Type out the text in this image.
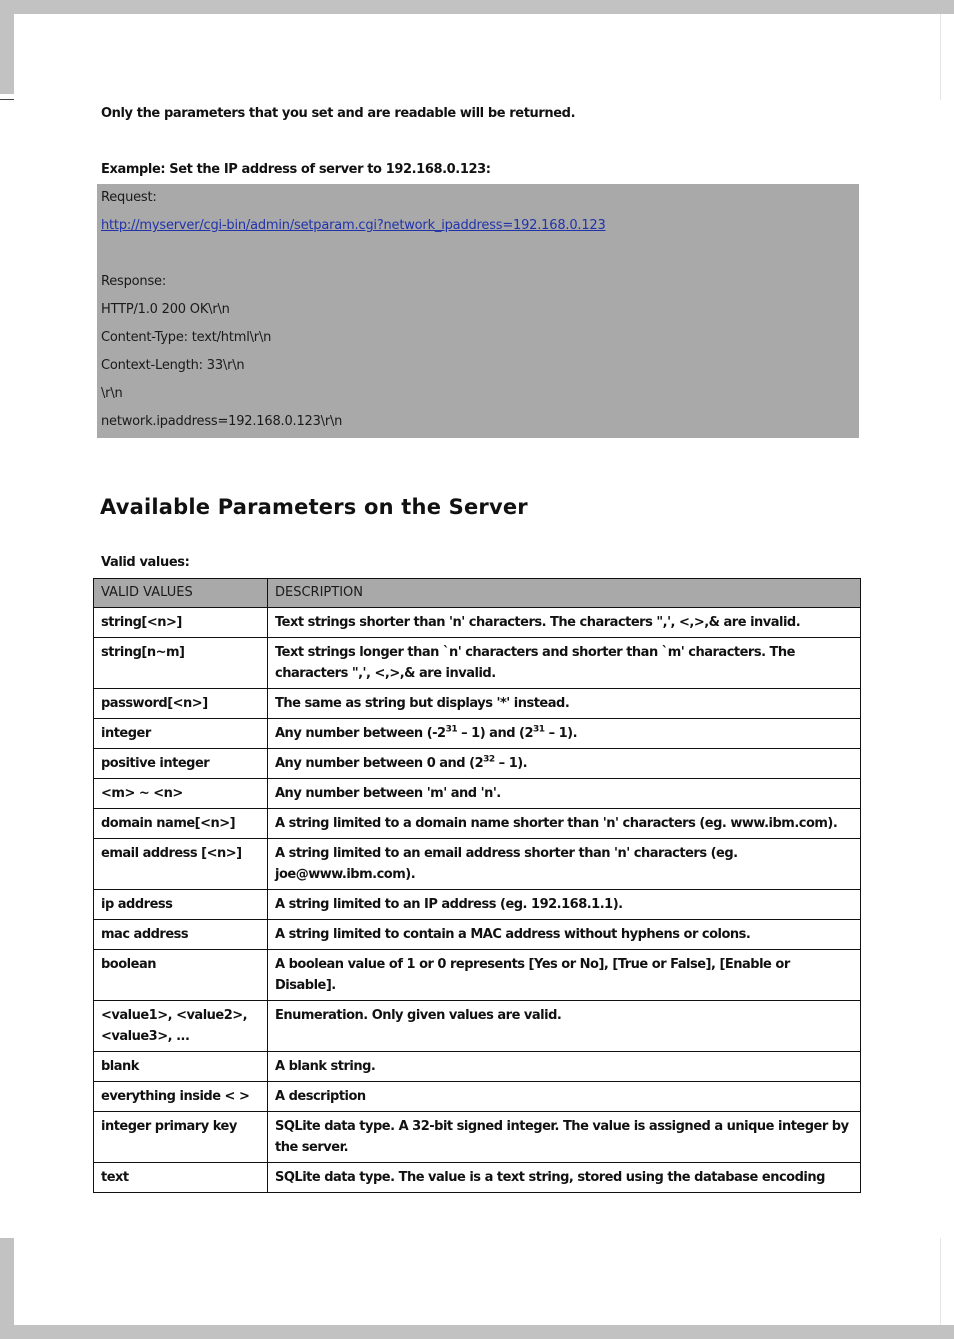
Only the parameters that you set and are readable will be returned.
Example: Set the IP address of server to 192.168.0.123:
Request:
http://myserver/cgi-bin/admin/setparam.cgi?network_ipaddress=192.168.0.123
Response:
HTTP/1.0 200 OK\r\n
Content-Type: text/html\r\n
Context-Length: 33\r\n
\r\n
network.ipaddress=192.168.0.123\r\n
Available Parameters on the Server
Valid values:
VALID VALUES	DESCRIPTION
string[<n>]	Text strings shorter than 'n' characters. The characters ",', <,>,& are invalid.
string[n~m]	Text strings longer than `n' characters and shorter than `m' characters. The characters ",', <,>,& are invalid.
password[<n>]	The same as string but displays '*' instead.
integer	Any number between $(-2^{31} - 1)$ and $(2^{31} - 1)$.
positive integer	Any number between 0 and $(2^{32} - 1)$.
<m> ~ <n>	Any number between 'm' and 'n'.
domain name[<n>]	A string limited to a domain name shorter than 'n' characters (eg. www.ibm.com).
email address [<n>]	A string limited to an email address shorter than 'n' characters (eg. joe@www.ibm.com).
ip address	A string limited to an IP address (eg. 192.168.1.1).
mac address	A string limited to contain a MAC address without hyphens or colons.
boolean	A boolean value of 1 or 0 represents [Yes or No], [True or False], [Enable or Disable].
<value1>, <value2>, <value3>, ...	Enumeration. Only given values are valid.
blank	A blank string.
everything inside < >	A description
integer primary key	SQLite data type. A 32-bit signed integer. The value is assigned a unique integer by the server.
text	SQLite data type. The value is a text string, stored using the database encoding
